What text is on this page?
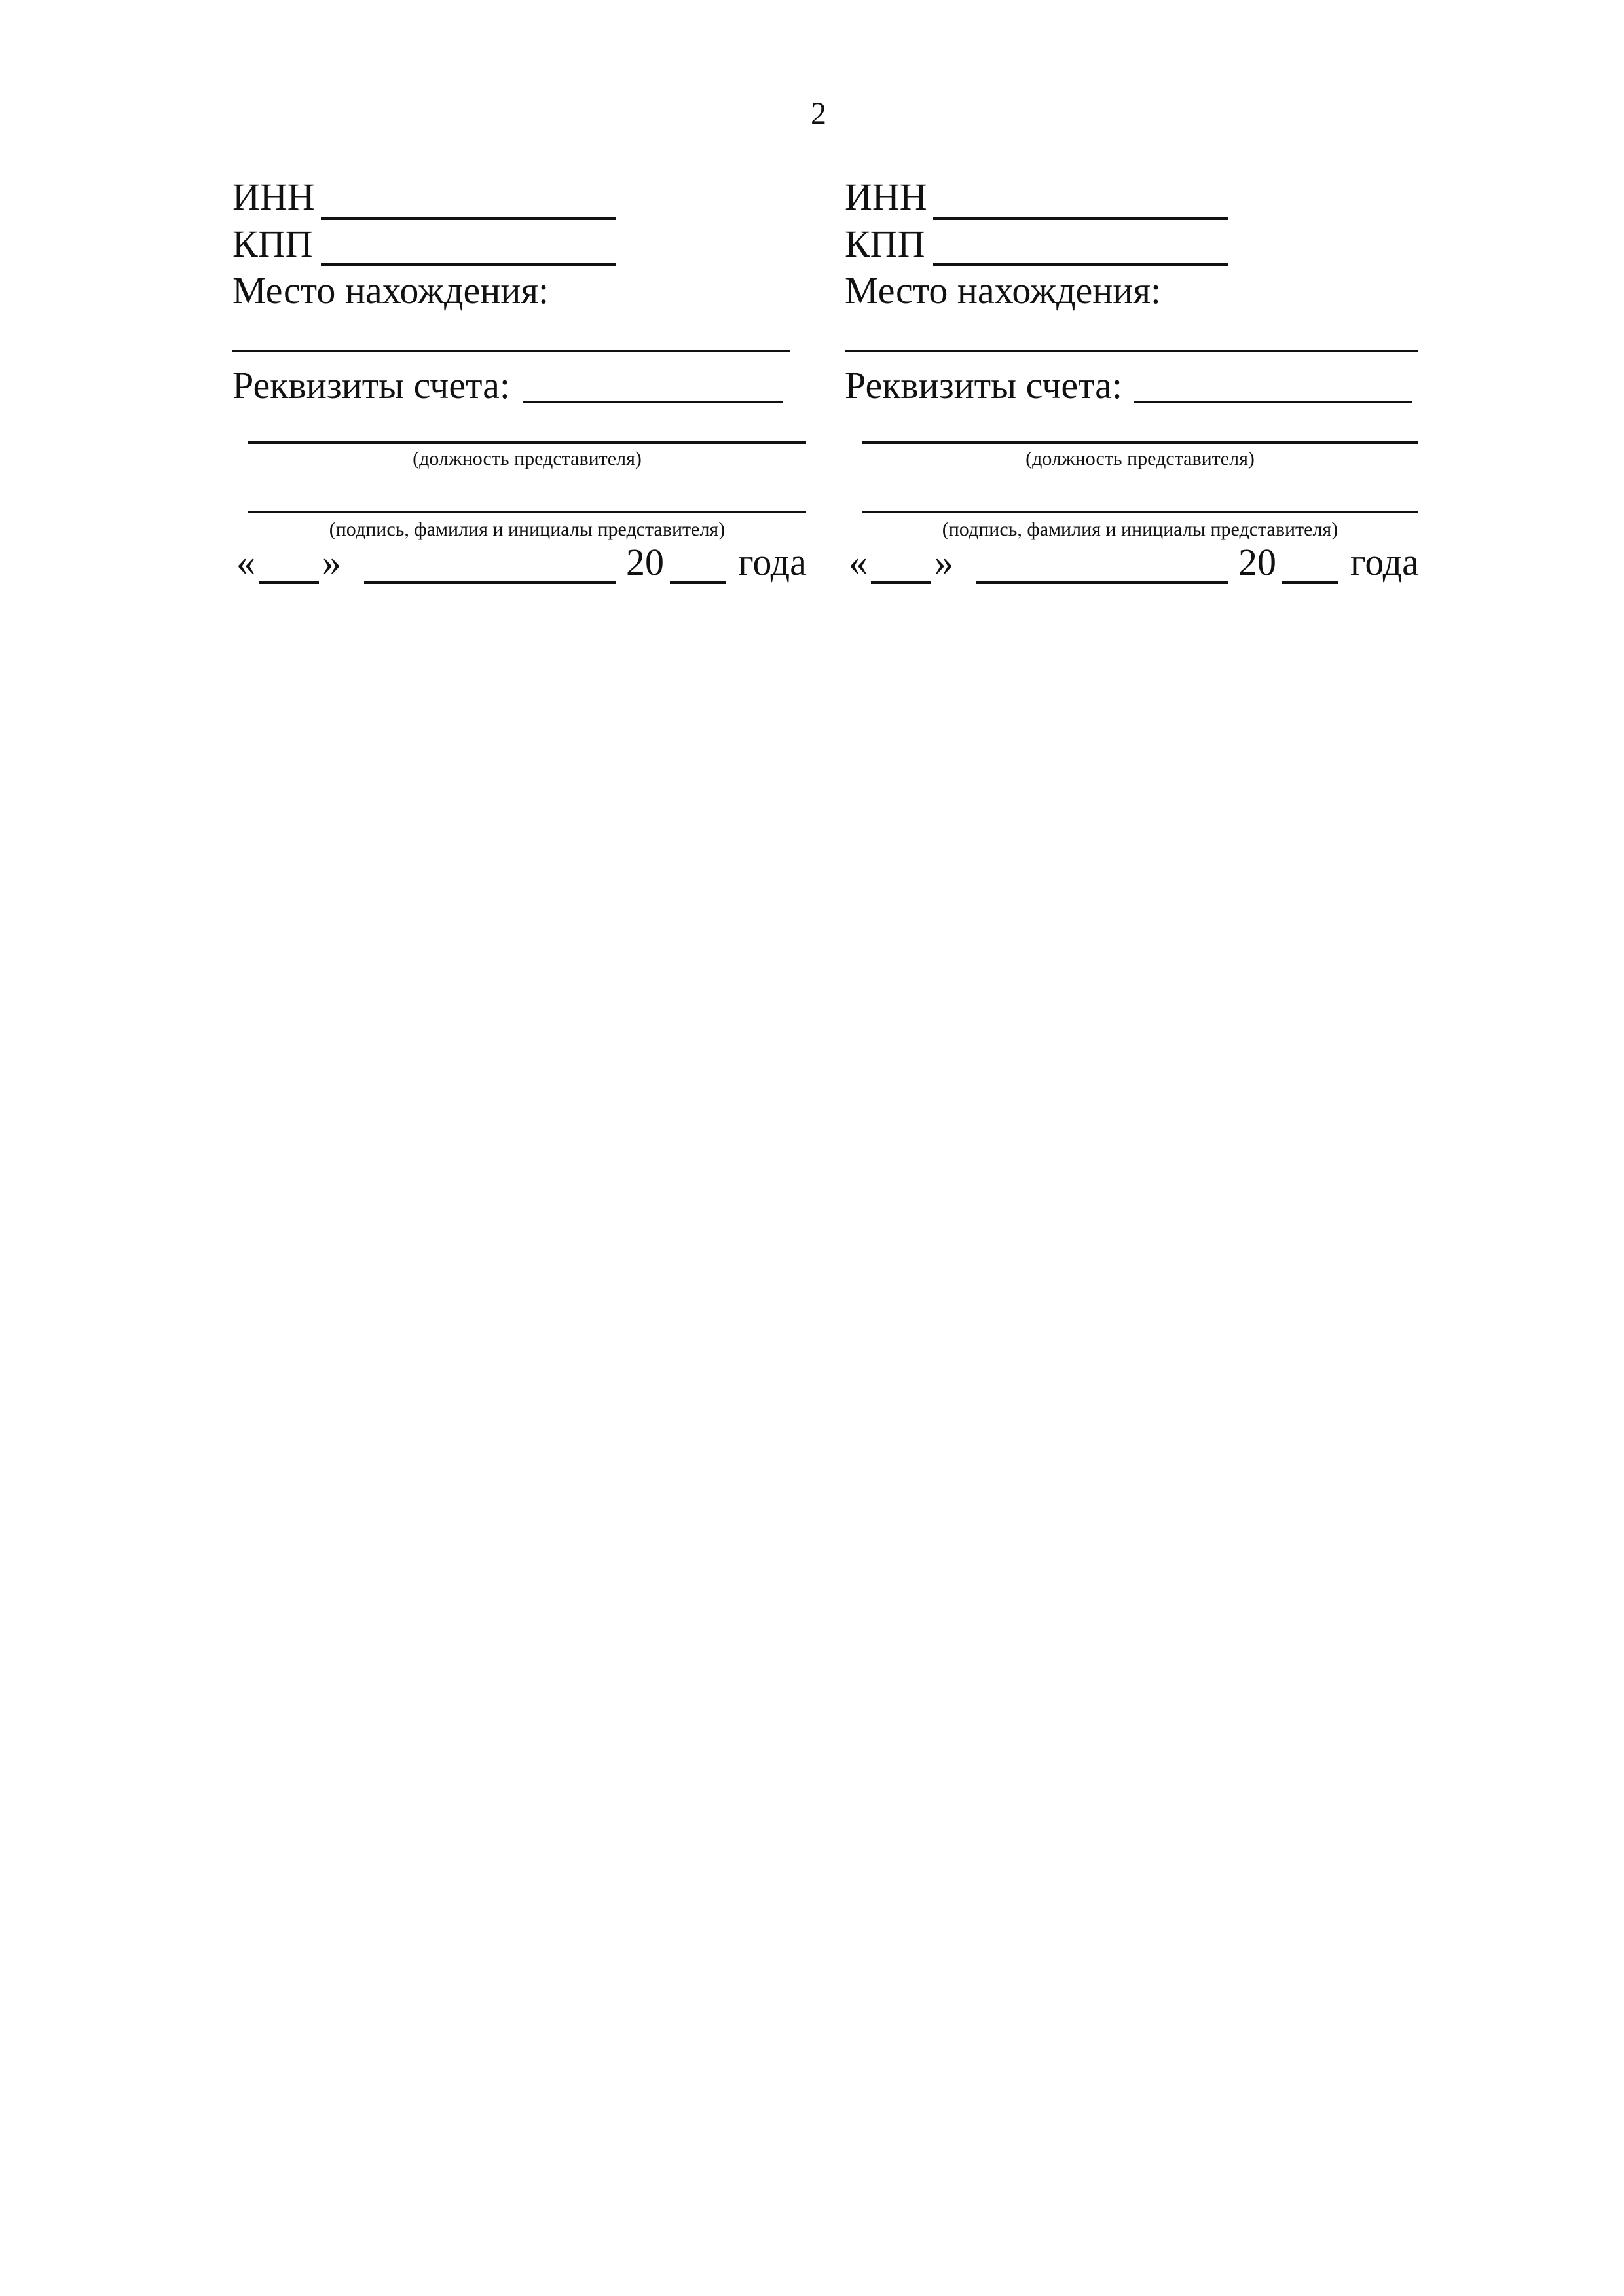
2
ИНН
КПП
Место нахождения:
Реквизиты счета:
(должность представителя)
(подпись, фамилия и инициалы представителя)
« »	20 года
ИНН
КПП
Место нахождения:
Реквизиты счета:
(должность представителя)
(подпись, фамилия и инициалы представителя)
« »	20 года
